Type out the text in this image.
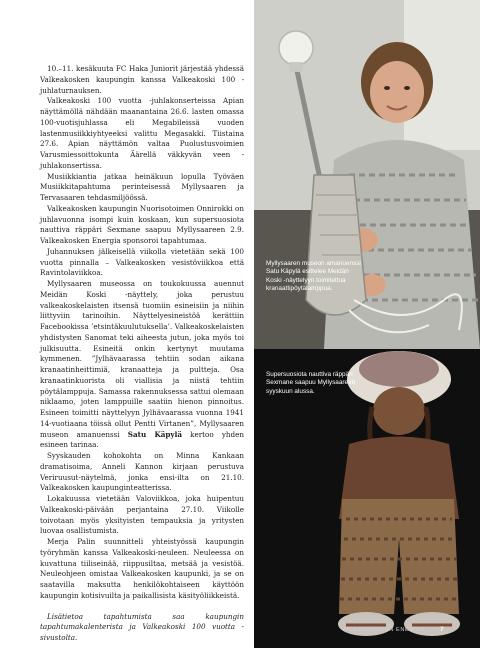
10.–11. kesäkuuta FC Haka Juniorit järjestää yhdessä Valkeakosken kaupungin kanssa Valkeakoski 100 -juhlaturnauksen.

Valkeakoski 100 vuotta -juhlakonserteissa Apian näyttämöllä nähdään maanantaina 26.6. lasten omassa 100-vuotisjuhlassa eli Megabileissä vuoden lastenmusiikkiyhtyeeksi valittu Megasakki. Tiistaina 27.6. Apian näyttämön valtaa Puolustusvoimien Varusmiessoittokunta Äärellä väkkyvän veen -juhlakonsertissa.

Musiikkiantia jatkaa heinäkuun lopulla Työväen Musiikkitapahtuma perinteisessä Myllysaaren ja Tervasaaren tehdasmiljöössä.

Valkeakosken kaupungin Nuorisotoimen Onnirokki on juhlavuonna isompi kuin koskaan, kun supersuosiota nauttiva räppäri Sexmane saapuu Myllysaareen 2.9. Valkeakosken Energia sponsoroi tapahtumaa.

Juhannuksen jälkeisellä viikolla vietetään sekä 100 vuotta pinnalla – Valkeakosken vesistöviikkoa että Ravintolaviikkoa.

Myllysaaren museossa on toukokuussa auennut Meidän Koski -näyttely, joka perustuu valkeakoskelaisten itsensä tuomiin esineisiin ja niihin liittyviin tarinoihin. Näyttelyesineistöä kerättiin Facebookissa ’etsintäkuulutuksella’. Valkeakoskelaisten yhdistysten Sanomat teki aiheesta jutun, joka myös toi julkisuutta. Esineitä onkin kertynyt muutama kymmenen. ”Jylhävaarassa tehtiin sodan aikana kranaatinheittimiä, kranaatteja ja pultteja. Osa kranaatinkuorista oli viallisia ja niistä tehtiin pöytälamppuja. Samassa rakennuksessa sattui olemaan niklaamo, joten lamppuille saatiin hienon pinnoitus. Esineen toimitti näyttelyyn Jylhävaarassa vuonna 1941 14-vuotiaana töissä ollut Pentti Virtanen”, Myllysaaren museon amanuenssi Satu Käpylä kertoo yhden esineen tarinaa.

Syyskauden kohokohta on Minna Kankaan dramatisoima, Anneli Kannon kirjaan perustuva Veriruusut-näytelmä, jonka ensi-ilta on 21.10. Valkeakosken kaupunginteatterissa.

Lokakuussa vietetään Valoviikkoa, joka huipentuu Valkeakoski-päivään perjantaina 27.10. Viikolle toivotaan myös yksityisten tempauksia ja yritysten luovaa osallistumista.

Merja Palin suunnitteli yhteistyössä kaupungin työryhmän kanssa Valkeakoski-neuleen. Neuleessa on kuvattuna tiiliseinää, riippusiltaa, metsää ja vesistöä. Neuleohjeen omistaa Valkeakosken kaupunki, ja se on saatavilla maksutta henkilökohtaiseen käyttöön kaupungin kotisivuilta ja paikallisista käsityöliikkeistä.

Lisätietoa tapahtumista saa kaupungin tapahtumakalenterista ja Valkeakoski 100 vuotta -sivustolta.

Myllysaaren museon amanuenssi Satu Käpylä esittelee Meidän Koski -näyttelyyn toimitettua kranaattipöytälamppua.
Supersuosiota nauttiva räppäri Sexmane saapuu Myllysaareen syyskuun alussa.
VALKEAKOSKEN ENERGIA 7
